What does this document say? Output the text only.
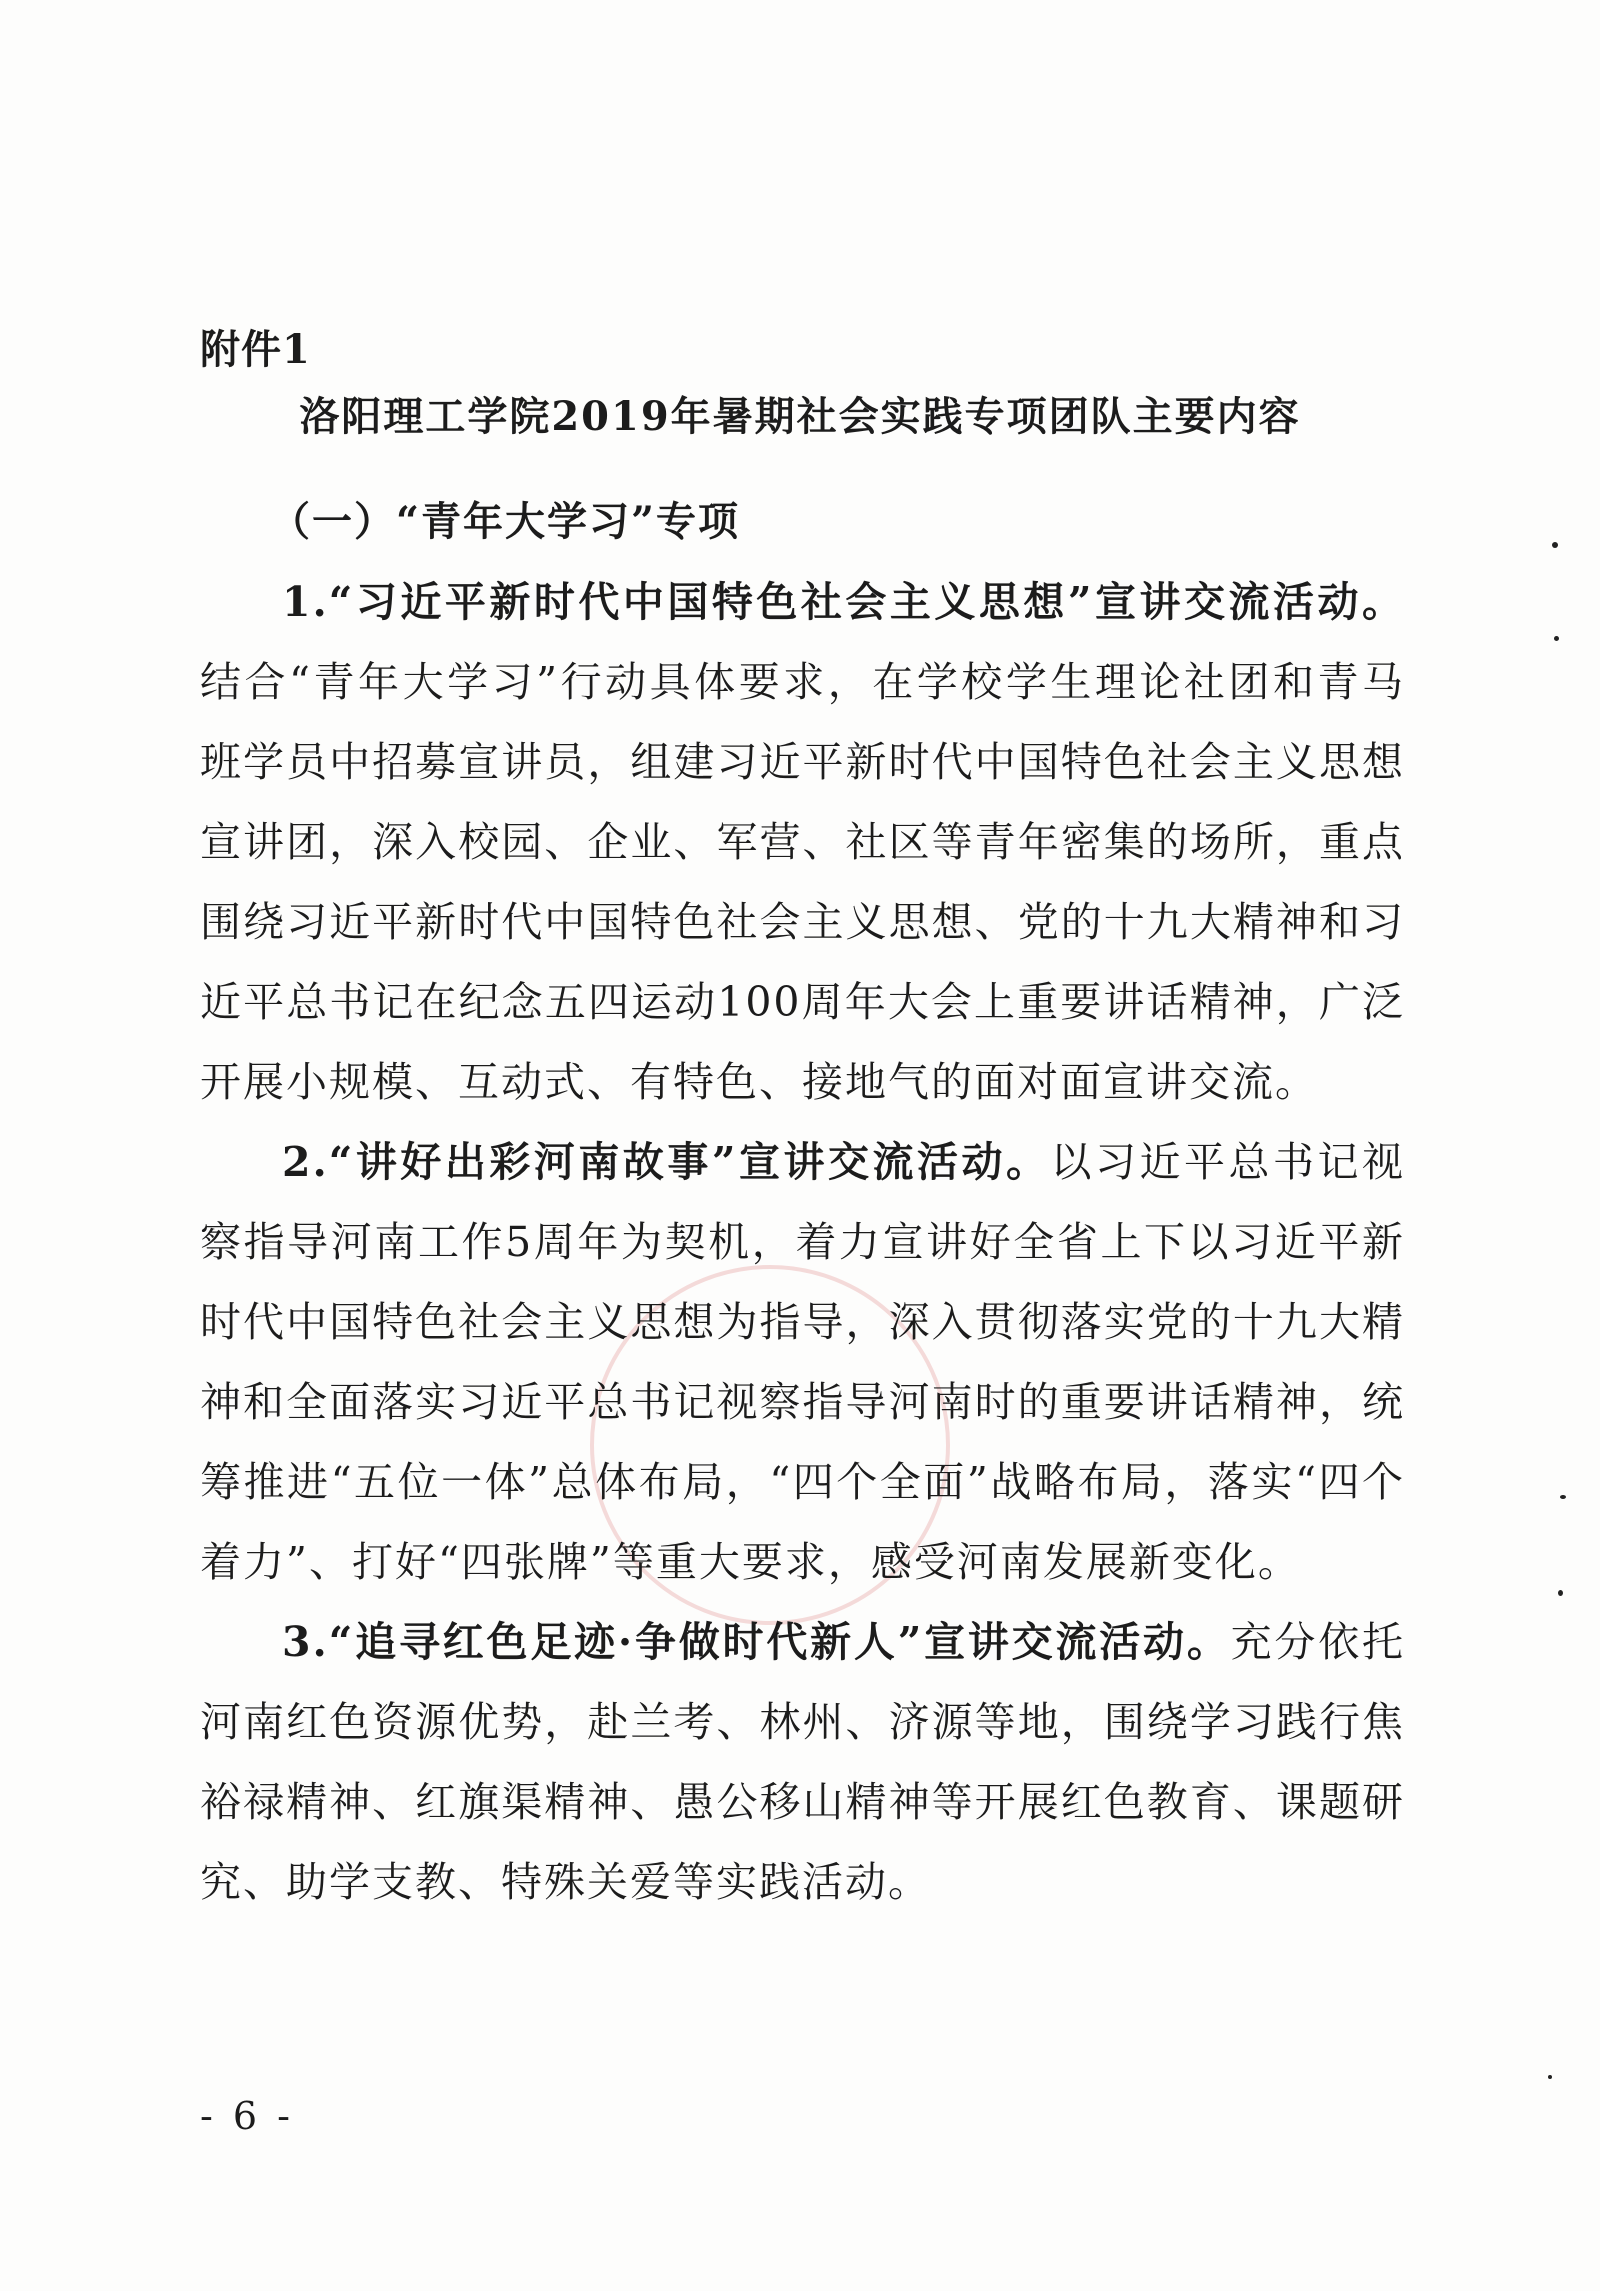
附件1

洛阳理工学院2019年暑期社会实践专项团队主要内容
（一）“青年大学习”专项

1.“习近平新时代中国特色社会主义思想”宣讲交流活动。结合“青年大学习”行动具体要求，在学校学生理论社团和青马班学员中招募宣讲员，组建习近平新时代中国特色社会主义思想宣讲团，深入校园、企业、军营、社区等青年密集的场所，重点围绕习近平新时代中国特色社会主义思想、党的十九大精神和习近平总书记在纪念五四运动100周年大会上重要讲话精神，广泛开展小规模、互动式、有特色、接地气的面对面宣讲交流。

2.“讲好出彩河南故事”宣讲交流活动。以习近平总书记视察指导河南工作5周年为契机，着力宣讲好全省上下以习近平新时代中国特色社会主义思想为指导，深入贯彻落实党的十九大精神和全面落实习近平总书记视察指导河南时的重要讲话精神，统筹推进“五位一体”总体布局，“四个全面”战略布局，落实“四个着力”、打好“四张牌”等重大要求，感受河南发展新变化。

3.“追寻红色足迹·争做时代新人”宣讲交流活动。充分依托河南红色资源优势，赴兰考、林州、济源等地，围绕学习践行焦裕禄精神、红旗渠精神、愚公移山精神等开展红色教育、课题研究、助学支教、特殊关爱等实践活动。

- 6 -
